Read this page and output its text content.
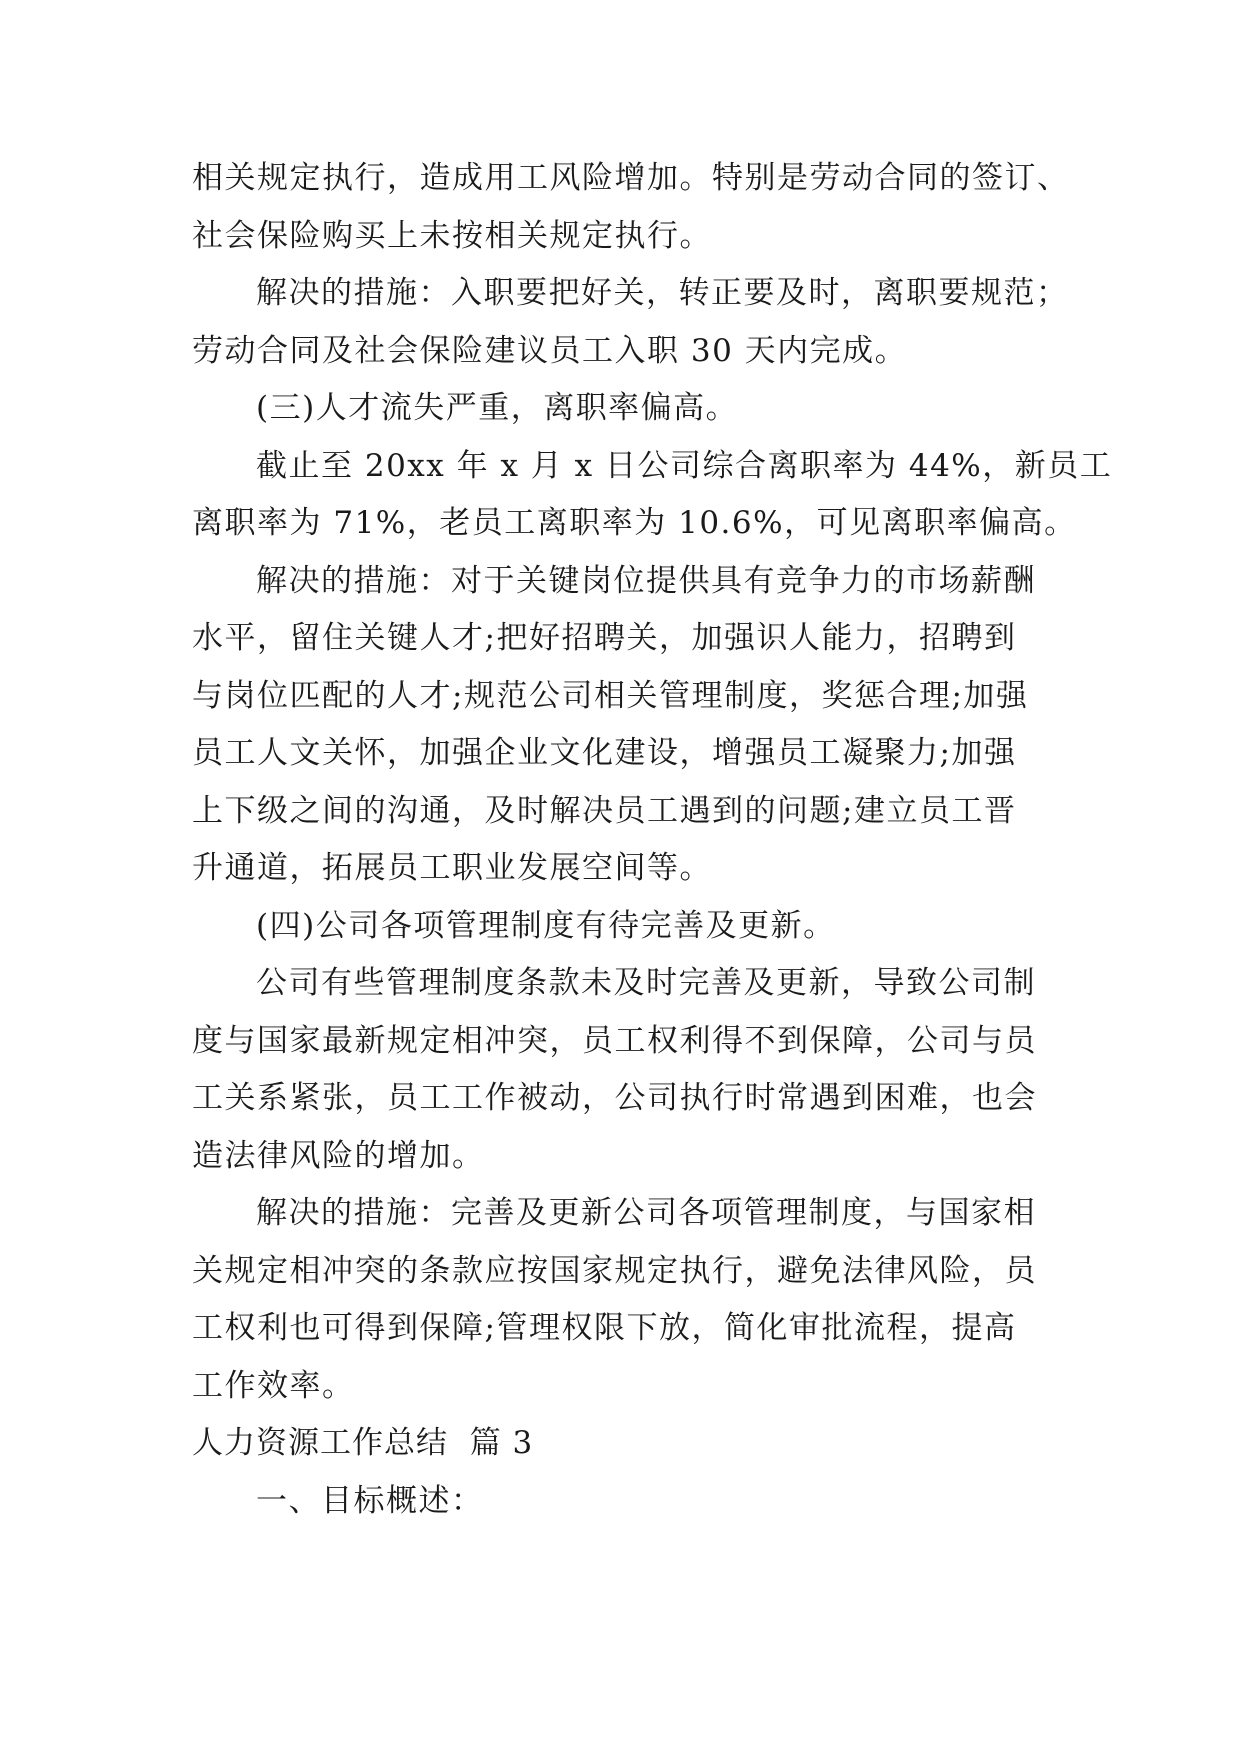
相关规定执行，造成用工风险增加。特别是劳动合同的签订、
社会保险购买上未按相关规定执行。
解决的措施：入职要把好关，转正要及时，离职要规范；
劳动合同及社会保险建议员工入职 30 天内完成。
(三)人才流失严重，离职率偏高。
截止至 20xx 年 x 月 x 日公司综合离职率为 44%，新员工
离职率为 71%，老员工离职率为 10.6%，可见离职率偏高。
解决的措施：对于关键岗位提供具有竞争力的市场薪酬
水平，留住关键人才;把好招聘关，加强识人能力，招聘到
与岗位匹配的人才;规范公司相关管理制度，奖惩合理;加强
员工人文关怀，加强企业文化建设，增强员工凝聚力;加强
上下级之间的沟通，及时解决员工遇到的问题;建立员工晋
升通道，拓展员工职业发展空间等。
(四)公司各项管理制度有待完善及更新。
公司有些管理制度条款未及时完善及更新，导致公司制
度与国家最新规定相冲突，员工权利得不到保障，公司与员
工关系紧张，员工工作被动，公司执行时常遇到困难，也会
造法律风险的增加。
解决的措施：完善及更新公司各项管理制度，与国家相
关规定相冲突的条款应按国家规定执行，避免法律风险，员
工权利也可得到保障;管理权限下放，简化审批流程，提高
工作效率。
人力资源工作总结  篇 3
一、目标概述：
